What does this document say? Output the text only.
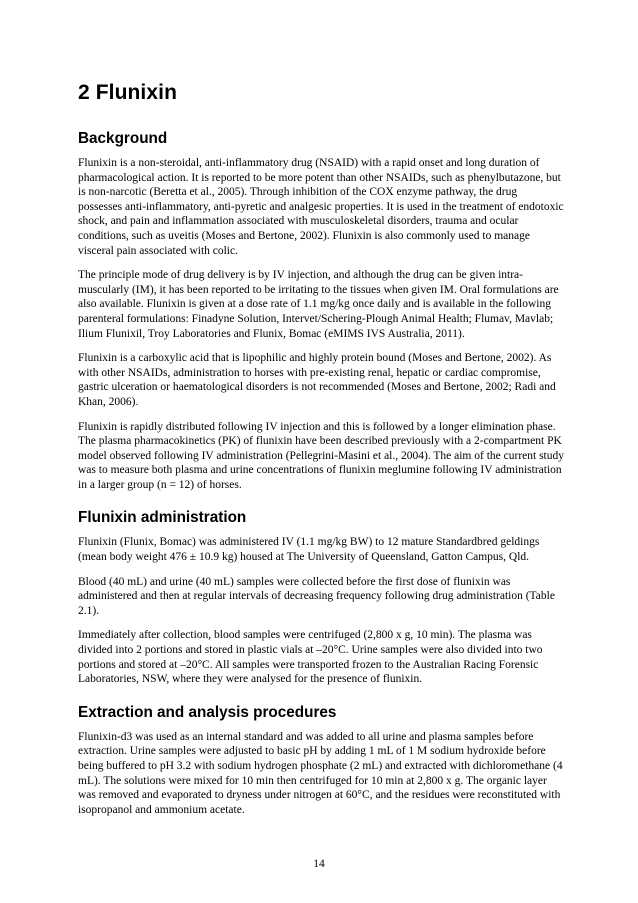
2 Flunixin
Background

Flunixin is a non-steroidal, anti-inflammatory drug (NSAID) with a rapid onset and long duration of pharmacological action. It is reported to be more potent than other NSAIDs, such as phenylbutazone, but is non-narcotic (Beretta et al., 2005). Through inhibition of the COX enzyme pathway, the drug possesses anti-inflammatory, anti-pyretic and analgesic properties. It is used in the treatment of endotoxic shock, and pain and inflammation associated with musculoskeletal disorders, trauma and ocular conditions, such as uveitis (Moses and Bertone, 2002). Flunixin is also commonly used to manage visceral pain associated with colic.

The principle mode of drug delivery is by IV injection, and although the drug can be given intra-muscularly (IM), it has been reported to be irritating to the tissues when given IM. Oral formulations are also available. Flunixin is given at a dose rate of 1.1 mg/kg once daily and is available in the following parenteral formulations: Finadyne Solution, Intervet/Schering-Plough Animal Health; Flumav, Mavlab; Ilium Flunixil, Troy Laboratories and Flunix, Bomac (eMIMS IVS Australia, 2011).

Flunixin is a carboxylic acid that is lipophilic and highly protein bound (Moses and Bertone, 2002). As with other NSAIDs, administration to horses with pre-existing renal, hepatic or cardiac compromise, gastric ulceration or haematological disorders is not recommended (Moses and Bertone, 2002; Radi and Khan, 2006).

Flunixin is rapidly distributed following IV injection and this is followed by a longer elimination phase. The plasma pharmacokinetics (PK) of flunixin have been described previously with a 2-compartment PK model observed following IV administration (Pellegrini-Masini et al., 2004). The aim of the current study was to measure both plasma and urine concentrations of flunixin meglumine following IV administration in a larger group (n = 12) of horses.

Flunixin administration

Flunixin (Flunix, Bomac) was administered IV (1.1 mg/kg BW) to 12 mature Standardbred geldings (mean body weight 476 ± 10.9 kg) housed at The University of Queensland, Gatton Campus, Qld.

Blood (40 mL) and urine (40 mL) samples were collected before the first dose of flunixin was administered and then at regular intervals of decreasing frequency following drug administration (Table 2.1).

Immediately after collection, blood samples were centrifuged (2,800 x g, 10 min). The plasma was divided into 2 portions and stored in plastic vials at –20°C. Urine samples were also divided into two portions and stored at –20°C. All samples were transported frozen to the Australian Racing Forensic Laboratories, NSW, where they were analysed for the presence of flunixin.

Extraction and analysis procedures

Flunixin-d3 was used as an internal standard and was added to all urine and plasma samples before extraction. Urine samples were adjusted to basic pH by adding 1 mL of 1 M sodium hydroxide before being buffered to pH 3.2 with sodium hydrogen phosphate (2 mL) and extracted with dichloromethane (4 mL). The solutions were mixed for 10 min then centrifuged for 10 min at 2,800 x g. The organic layer was removed and evaporated to dryness under nitrogen at 60°C, and the residues were reconstituted with isopropanol and ammonium acetate.

14
